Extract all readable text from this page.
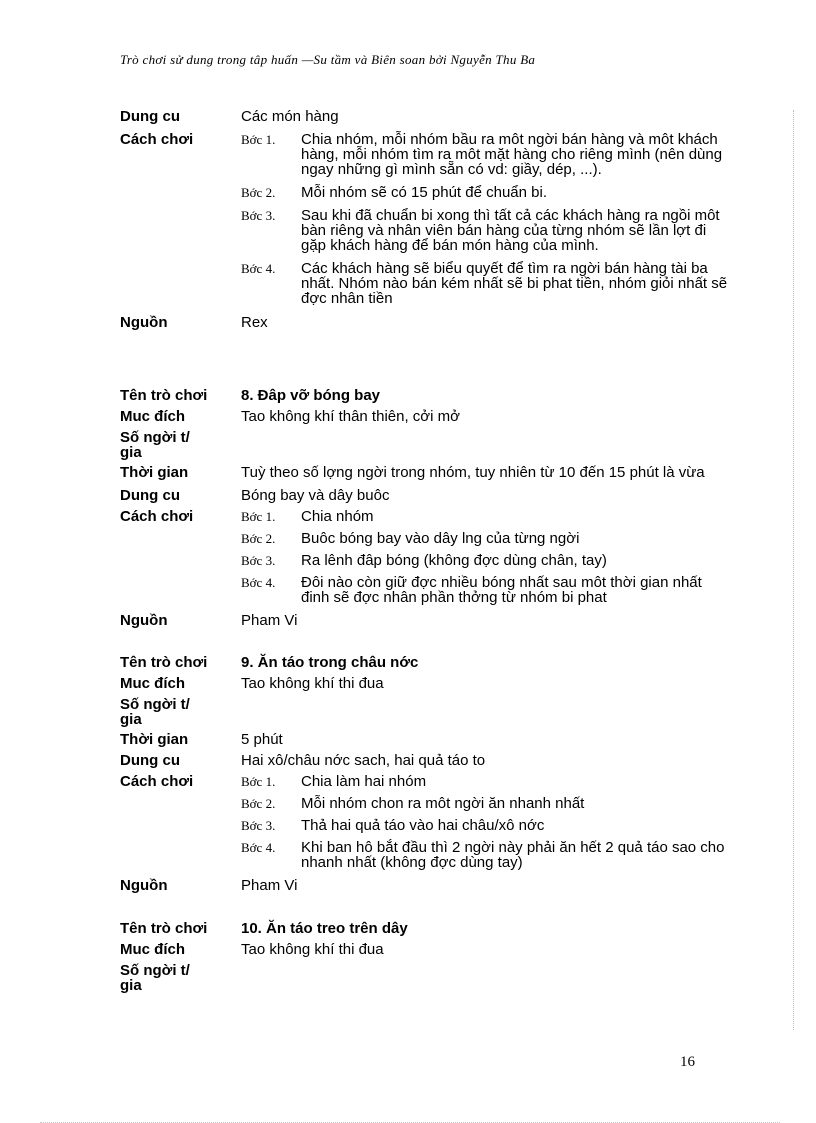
Trò chơi sử dung trong tâp huấn —Su tầm và Biên soan bởi Nguyễn Thu Ba
Dung cu	Các món hàng
Cách chơi	Bớc 1.	Chia nhóm, mỗi nhóm bầu ra môt ngời bán hàng và môt khách hàng, mỗi nhóm tìm ra môt mặt hàng cho riêng mình (nên dùng ngay những gì mình sẵn có vd: giầy, dép, ...).
Bớc 2.	Mỗi nhóm sẽ có 15 phút để chuẩn bi.
Bớc 3.	Sau khi đã chuẩn bi xong thì tất cả các khách hàng ra ngồi môt bàn riêng và nhân viên bán hàng của từng nhóm sẽ lần lợt đi gặp khách hàng để bán món hàng của mình.
Bớc 4.	Các khách hàng sẽ biểu quyết để tìm ra ngời bán hàng tài ba nhất. Nhóm nào bán kém nhất sẽ bi phat tiền, nhóm giỏi nhất sẽ đợc nhân tiền
Nguồn	Rex
Tên trò chơi	8. Đâp vỡ bóng bay
Muc đích	Tao không khí thân thiên, cởi mở
Số ngời t/ gia
Thời gian	Tuỳ theo số lợng ngời trong nhóm, tuy nhiên từ 10 đến 15 phút là vừa
Dung cu	Bóng bay và dây buôc
Cách chơi	Bớc 1.	Chia nhóm
Bớc 2.	Buôc bóng bay vào dây lng của từng ngời
Bớc 3.	Ra lênh đâp bóng (không đợc dùng chân, tay)
Bớc 4.	Đôi nào còn giữ đợc nhiều bóng nhất sau môt thời gian nhất đinh sẽ đợc nhân phần thởng từ nhóm bi phat
Nguồn	Pham Vi
Tên trò chơi	9. Ăn táo trong châu nớc
Muc đích	Tao không khí thi đua
Số ngời t/ gia
Thời gian	5 phút
Dung cu	Hai xô/châu nớc sach, hai quả táo to
Cách chơi	Bớc 1.	Chia làm hai nhóm
Bớc 2.	Mỗi nhóm chon ra môt ngời ăn nhanh nhất
Bớc 3.	Thả hai quả táo vào hai châu/xô nớc
Bớc 4.	Khi ban hô bắt đầu thì 2 ngời này phải ăn hết 2 quả táo sao cho nhanh nhất (không đợc dùng tay)
Nguồn	Pham Vi
Tên trò chơi	10. Ăn táo treo trên dây
Muc đích	Tao không khí thi đua
Số ngời t/ gia
16
